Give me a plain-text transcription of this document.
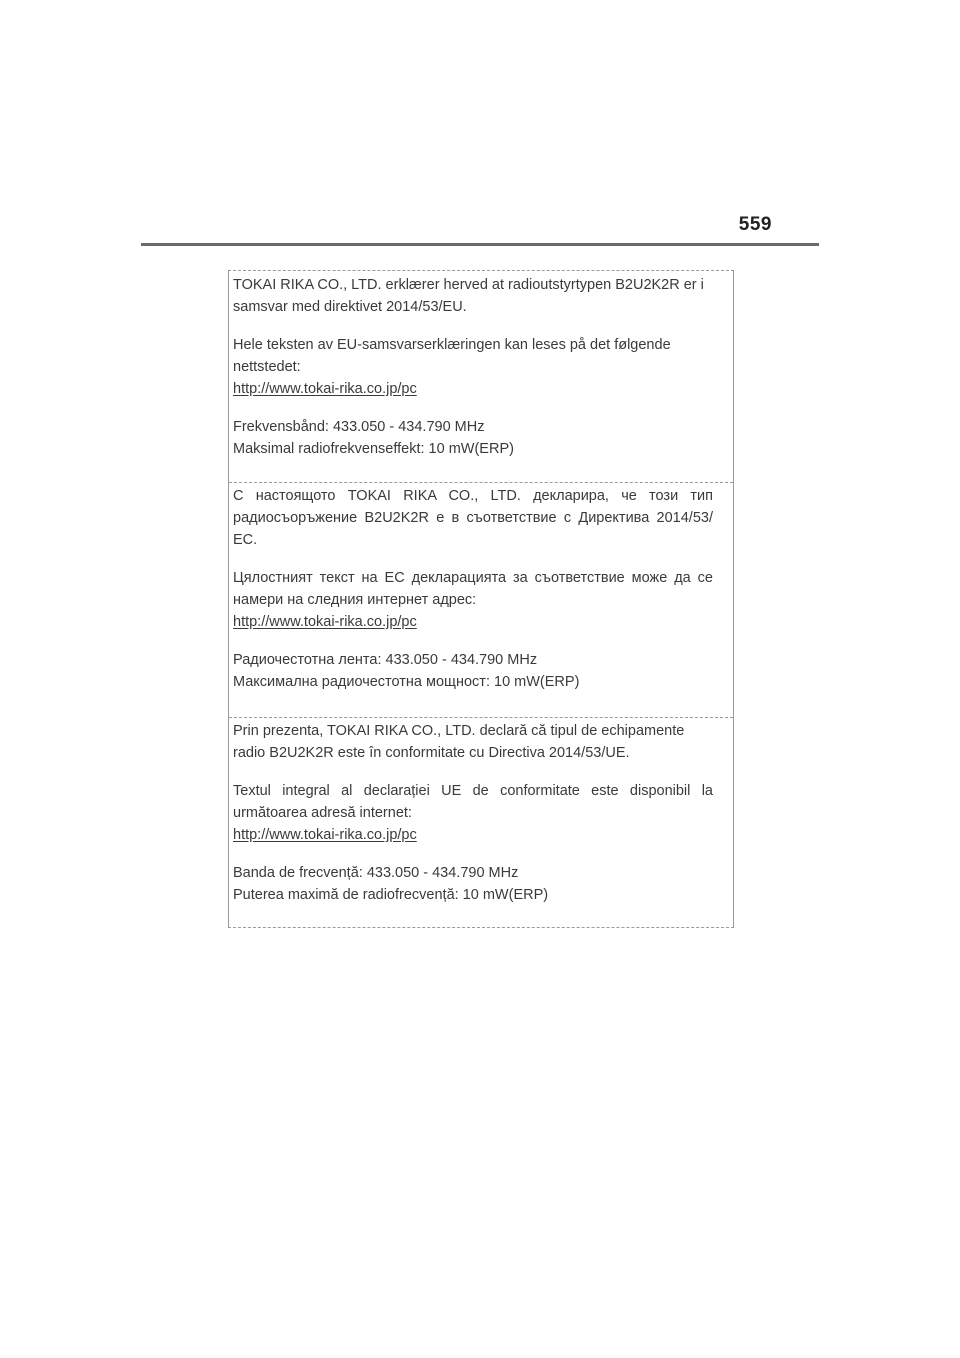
559

TOKAI RIKA CO., LTD. erklærer herved at radioutstyrtypen B2U2K2R er i samsvar med direktivet 2014/53/EU.

Hele teksten av EU-samsvarserklæringen kan leses på det følgende nettstedet:

http://www.tokai-rika.co.jp/pc

Frekvensbånd: 433.050 - 434.790 MHz

Maksimal radiofrekvenseffekt: 10 mW(ERP)

С настоящото TOKAI RIKA CO., LTD. декларира, че този тип радиосъоръжение B2U2K2R е в съответствие с Директива 2014/53/ЕС.

Цялостният текст на ЕС декларацията за съответствие може да се намери на следния интернет адрес:

http://www.tokai-rika.co.jp/pc

Радиочестотна лента: 433.050 - 434.790 MHz

Максимална радиочестотна мощност: 10 mW(ERP)

Prin prezenta, TOKAI RIKA CO., LTD. declară că tipul de echipamente radio B2U2K2R este în conformitate cu Directiva 2014/53/UE.

Textul integral al declarației UE de conformitate este disponibil la următoarea adresă internet:

http://www.tokai-rika.co.jp/pc

Banda de frecvență: 433.050 - 434.790 MHz

Puterea maximă de radiofrecvență: 10 mW(ERP)
